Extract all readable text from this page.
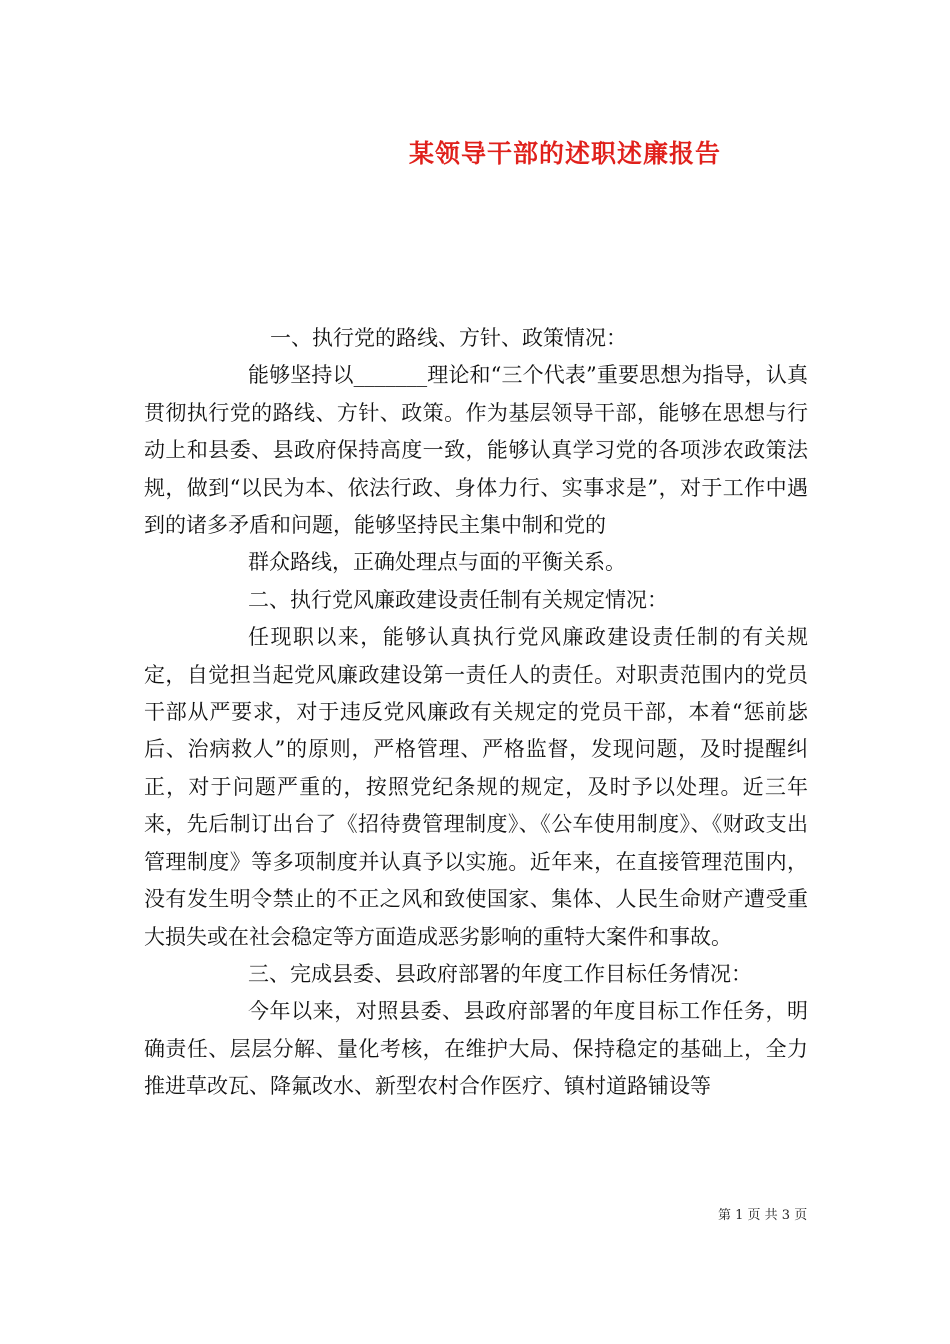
某领导干部的述职述廉报告

一、执行党的路线、方针、政策情况：

能够坚持以_______理论和“三个代表”重要思想为指导，认真贯彻执行党的路线、方针、政策。作为基层领导干部，能够在思想与行动上和县委、县政府保持高度一致，能够认真学习党的各项涉农政策法规，做到“以民为本、依法行政、身体力行、实事求是”，对于工作中遇到的诸多矛盾和问题，能够坚持民主集中制和党的

群众路线，正确处理点与面的平衡关系。

二、执行党风廉政建设责任制有关规定情况：

任现职以来，能够认真执行党风廉政建设责任制的有关规定，自觉担当起党风廉政建设第一责任人的责任。对职责范围内的党员干部从严要求，对于违反党风廉政有关规定的党员干部，本着“惩前毖后、治病救人”的原则，严格管理、严格监督，发现问题，及时提醒纠正，对于问题严重的，按照党纪条规的规定，及时予以处理。近三年来，先后制订出台了《招待费管理制度》、《公车使用制度》、《财政支出管理制度》等多项制度并认真予以实施。近年来，在直接管理范围内，没有发生明令禁止的不正之风和致使国家、集体、人民生命财产遭受重大损失或在社会稳定等方面造成恶劣影响的重特大案件和事故。

三、完成县委、县政府部署的年度工作目标任务情况：

今年以来，对照县委、县政府部署的年度目标工作任务，明确责任、层层分解、量化考核，在维护大局、保持稳定的基础上，全力推进草改瓦、降氟改水、新型农村合作医疗、镇村道路铺设等

第 1 页 共 3 页
